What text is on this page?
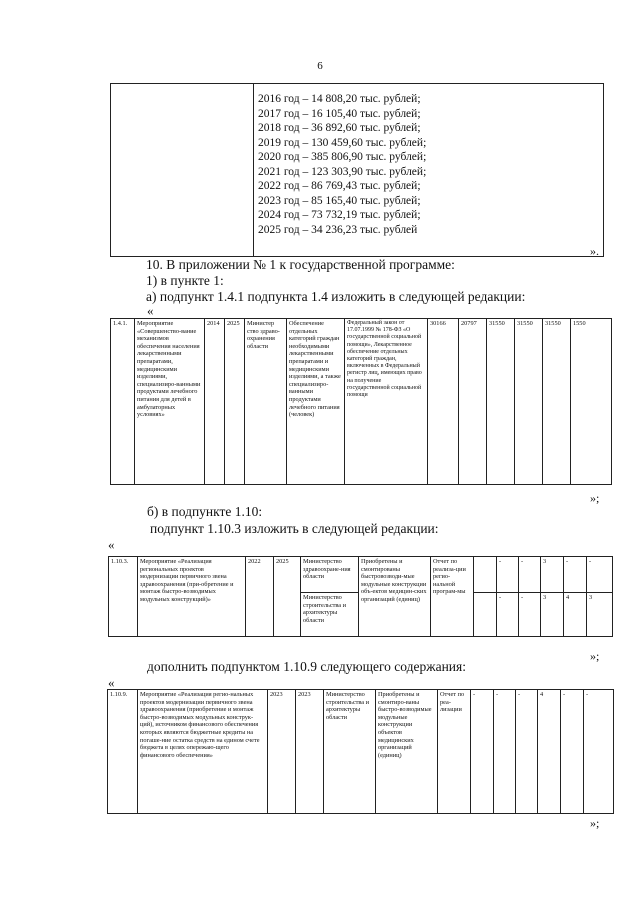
6

2016 год – 14 808,20 тыс. рублей;
2017 год – 16 105,40 тыс. рублей;
2018 год – 36 892,60 тыс. рублей;
2019 год – 130 459,60 тыс. рублей;
2020 год – 385 806,90 тыс. рублей;
2021 год – 123 303,90 тыс. рублей;
2022 год – 86 769,43 тыс. рублей;
2023 год – 85 165,40 тыс. рублей;
2024 год – 73 732,19 тыс. рублей;
2025 год – 34 236,23 тыс. рублей
».
10. В приложении № 1 к государственной программе:
1) в пункте 1:
а) подпункт 1.4.1 подпункта 1.4 изложить в следующей редакции:
«
1.4.1.	Мероприятие «Совершенство-вание механизмов обеспечения населения лекарственными препаратами, медицинскими изделиями, специализиро-ванными продуктами лечебного питания для детей в амбулаторных условиях»	2014	2025	Министер ство здраво-охранения области	Обеспечение отдельных категорий граждан необходимыми лекарственными препаратами и медицинскими изделиями, а также специализиро-ванными продуктами лечебного питания (человек)	Федеральный закон от 17.07.1999 № 178-ФЗ «О государственной социальной помощи», Лекарственное обеспечение отдельных категорий граждан, включенных в Федеральный регистр лиц, имеющих право на получение государственной социальной помощи	30166	20797	31550	31550	31550	1550
»;
б) в подпункте 1.10:
подпункт 1.10.3 изложить в следующей редакции:
«
1.10.3.	Мероприятие «Реализация региональных проектов модернизации первичного звена здравоохранения (при-обретение и монтаж быстро-возводимых модульных конструкций)»	2022	2025	Министерство здравоохране-ния области	Приобретены и смонтированы быстровозводи-мые модульные конструкции объ-ектов медицин-ских организаций (единиц)	Отчет по реализа-ции регио-нальной програм-мы		-	-	3	-	-
				Министерство строительства и архитектуры области				-	-	3	4	3
»;
дополнить подпунктом 1.10.9 следующего содержания:
«
1.10.9.	Мероприятие «Реализация регио-нальных проектов модернизации первичного звена здравоохранения (приобретение и монтаж быстро-возводимых модульных конструк-ций), источником финансового обеспечения которых являются бюджетные кредиты на погаше-ние остатка средств на едином счете бюджета в целях опережаю-щего финансового обеспечения»	2023	2023	Министерство строительства и архитектуры области	Приобретены и смонтиро-ваны быстро-возводимые модульные конструкции объектов медицинских организаций (единиц)	Отчет по реа-лизации	-	-	-	4	-	-
»;
